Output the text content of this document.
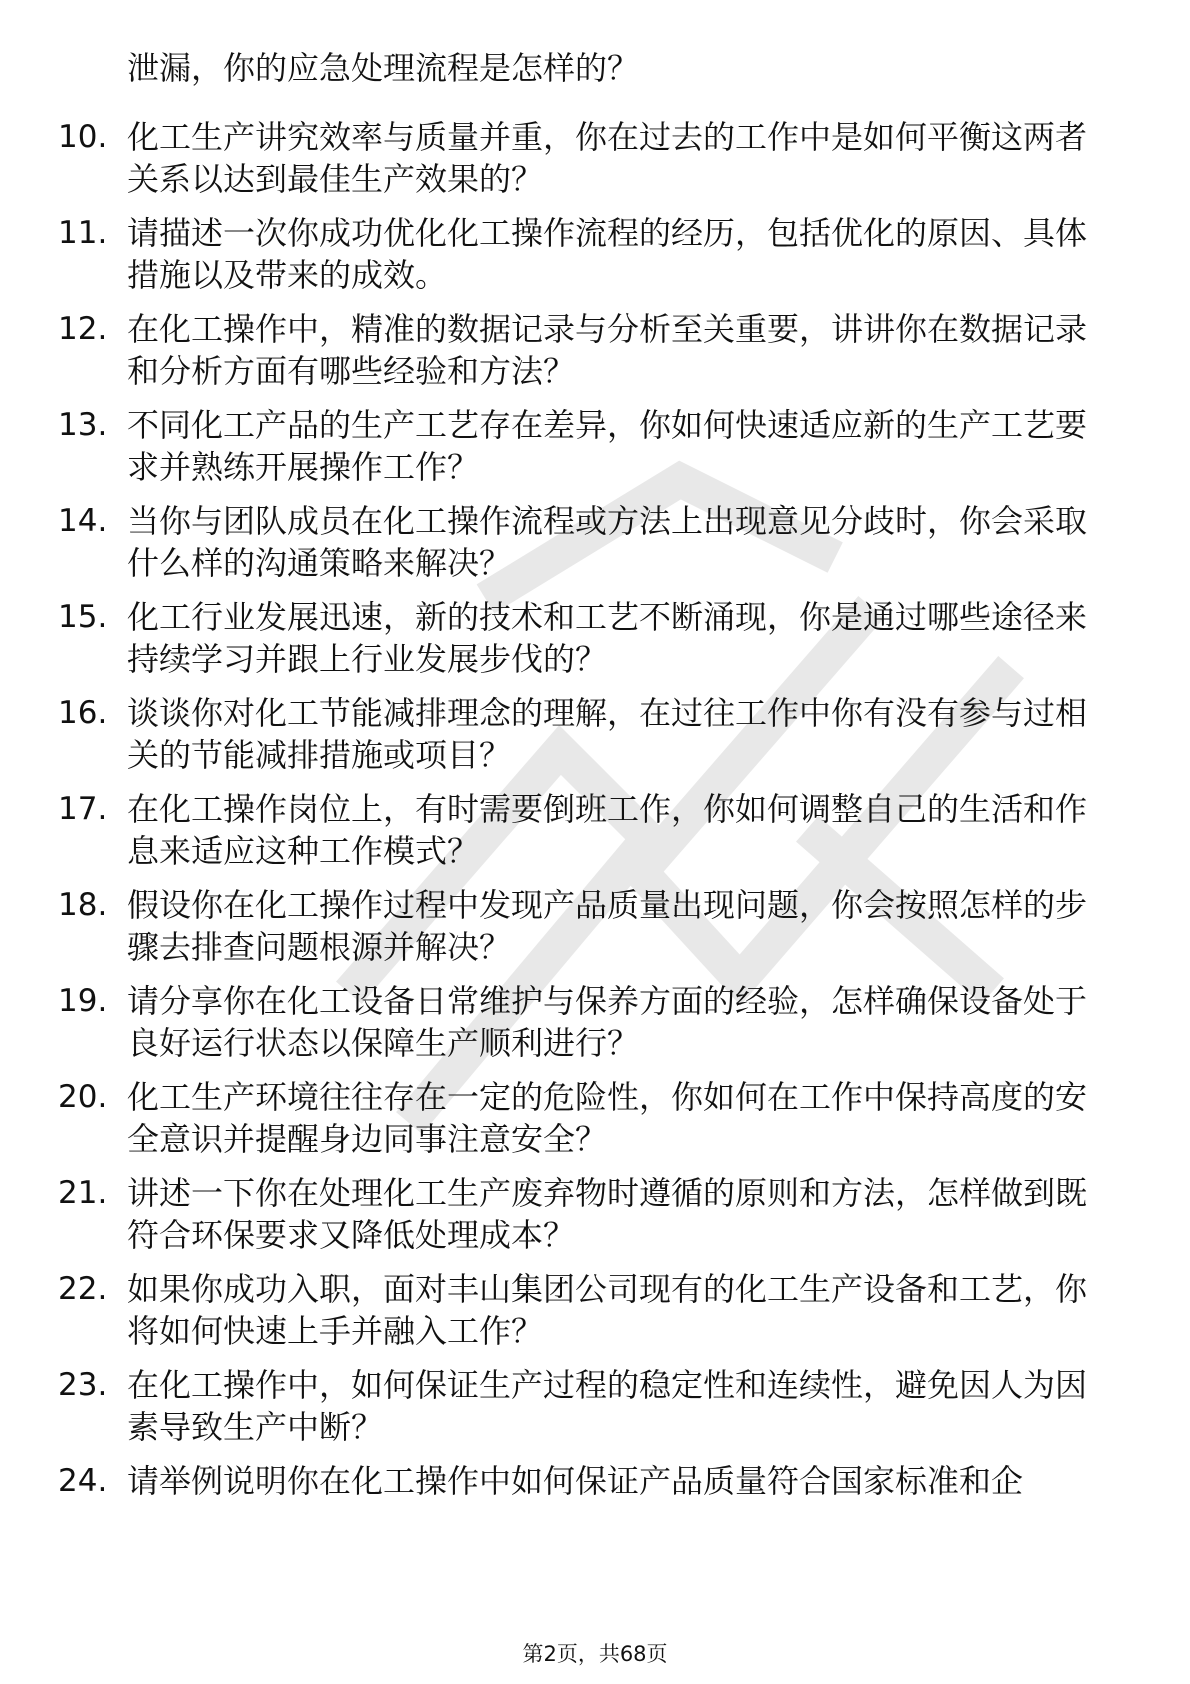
泄漏，你的应急处理流程是怎样的？

10. 化工生产讲究效率与质量并重，你在过去的工作中是如何平衡这两者关系以达到最佳生产效果的？

11. 请描述一次你成功优化化工操作流程的经历，包括优化的原因、具体措施以及带来的成效。

12. 在化工操作中，精准的数据记录与分析至关重要，讲讲你在数据记录和分析方面有哪些经验和方法？

13. 不同化工产品的生产工艺存在差异，你如何快速适应新的生产工艺要求并熟练开展操作工作？

14. 当你与团队成员在化工操作流程或方法上出现意见分歧时，你会采取什么样的沟通策略来解决？

15. 化工行业发展迅速，新的技术和工艺不断涌现，你是通过哪些途径来持续学习并跟上行业发展步伐的？

16. 谈谈你对化工节能减排理念的理解，在过往工作中你有没有参与过相关的节能减排措施或项目？

17. 在化工操作岗位上，有时需要倒班工作，你如何调整自己的生活和作息来适应这种工作模式？

18. 假设你在化工操作过程中发现产品质量出现问题，你会按照怎样的步骤去排查问题根源并解决？

19. 请分享你在化工设备日常维护与保养方面的经验，怎样确保设备处于良好运行状态以保障生产顺利进行？

20. 化工生产环境往往存在一定的危险性，你如何在工作中保持高度的安全意识并提醒身边同事注意安全？

21. 讲述一下你在处理化工生产废弃物时遵循的原则和方法，怎样做到既符合环保要求又降低处理成本？

22. 如果你成功入职，面对丰山集团公司现有的化工生产设备和工艺，你将如何快速上手并融入工作？

23. 在化工操作中，如何保证生产过程的稳定性和连续性，避免因人为因素导致生产中断？

24. 请举例说明你在化工操作中如何保证产品质量符合国家标准和企

第2页，共68页
